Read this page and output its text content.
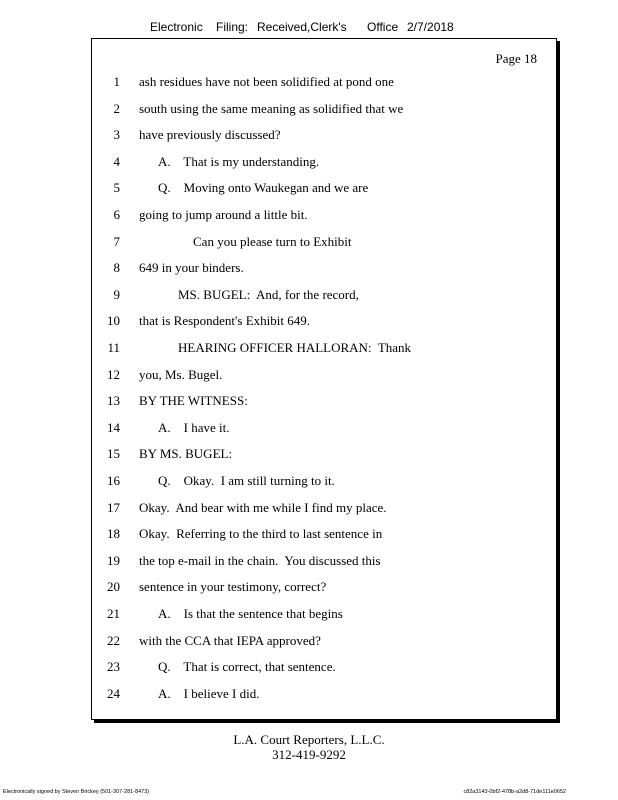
Electronic Filing: Received,Clerk's Office 2/7/2018
Page 18
1 ash residues have not been solidified at pond one
2 south using the same meaning as solidified that we
3 have previously discussed?
4	A.    That is my understanding.
5	Q.    Moving onto Waukegan and we are
6 going to jump around a little bit.
7	Can you please turn to Exhibit
8 649 in your binders.
9	MS. BUGEL:  And, for the record,
10 that is Respondent's Exhibit 649.
11	HEARING OFFICER HALLORAN:  Thank
12 you, Ms. Bugel.
13 BY THE WITNESS:
14	A.    I have it.
15 BY MS. BUGEL:
16	Q.    Okay.  I am still turning to it.
17 Okay.  And bear with me while I find my place.
18 Okay.  Referring to the third to last sentence in
19 the top e-mail in the chain.  You discussed this
20 sentence in your testimony, correct?
21	A.    Is that the sentence that begins
22 with the CCA that IEPA approved?
23	Q.    That is correct, that sentence.
24	A.    I believe I did.
L.A. Court Reporters, L.L.C.
312-419-9292
Electronically signed by Steven Brickey (501-307-281-8473)	c82a3143-0bf2-478b-a2d8-71de111e0652
